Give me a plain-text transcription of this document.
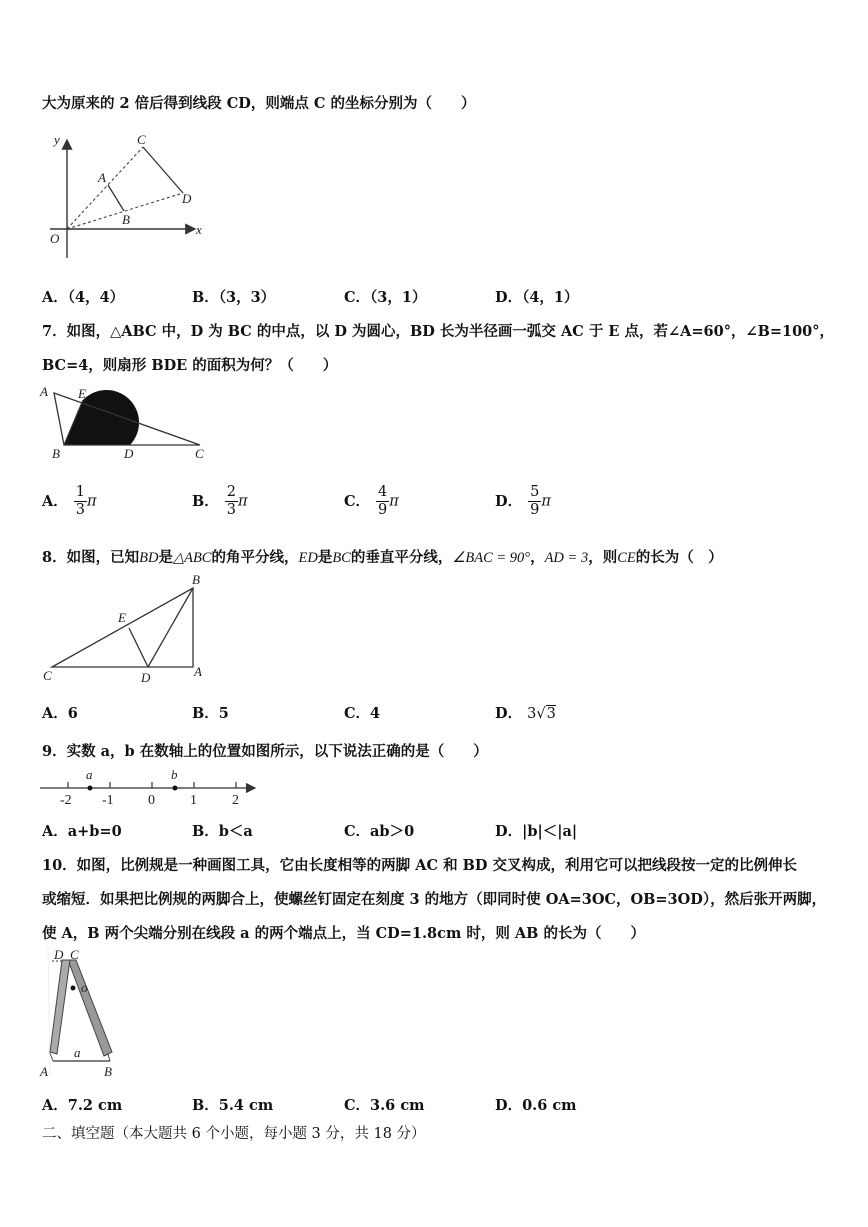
大为原来的 2 倍后得到线段 CD，则端点 C 的坐标分别为（　　）
y
x
O
A
B
C
D
A．（4，4）	B．（3，3）	C．（3，1）	D．（4，1）
7．如图，△ABC 中，D 为 BC 的中点，以 D 为圆心，BD 长为半径画一弧交 AC 于 E 点，若∠A=60°，∠B=100°，
BC=4，则扇形 BDE 的面积为何？（　　）
A E
B	D	C
A． $\frac{1}{3}$ π	B． $\frac{2}{3}$ π	C． $\frac{4}{9}$ π	D． $\frac{5}{9}$ π
8．如图，已知BD是△ABC的角平分线，ED是BC的垂直平分线，∠BAC = 90°，AD = 3，则CE的长为（　）
B
E
C	D	A
A．6	B．5	C．4	D． 3√3
9．实数 a，b 在数轴上的位置如图所示，以下说法正确的是（　　）
a	b
-2 -1 0	1	2
A．a+b=0	B．b＜a	C．ab＞0	D．|b|＜|a|
10．如图，比例规是一种画图工具，它由长度相等的两脚 AC 和 BD 交叉构成，利用它可以把线段按一定的比例伸长
或缩短．如果把比例规的两脚合上，使螺丝钉固定在刻度 3 的地方（即同时使 OA=3OC，OB=3OD），然后张开两脚，
使 A，B 两个尖端分别在线段 a 的两个端点上，当 CD=1.8cm 时，则 AB 的长为（　　）
D C
o
a
A	B
A．7.2 cm	B．5.4 cm	C．3.6 cm	D．0.6 cm
二、填空题（本大题共 6 个小题，每小题 3 分，共 18 分）
